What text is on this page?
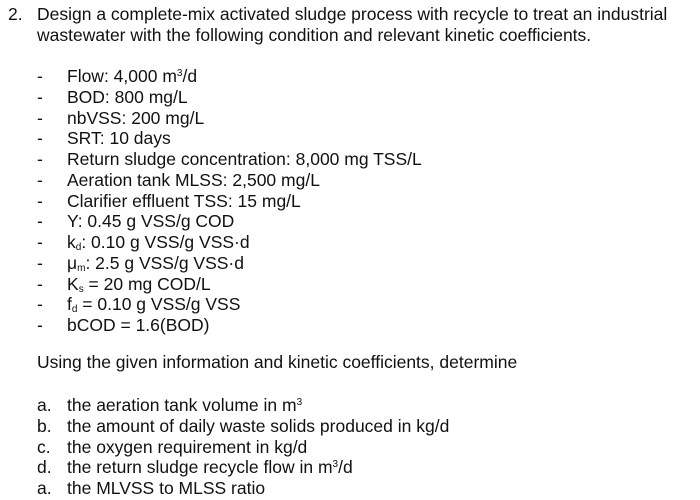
2. Design a complete-mix activated sludge process with recycle to treat an industrial wastewater with the following condition and relevant kinetic coefficients.
-	Flow: 4,000 $m^3/d$
-	BOD: 800 mg/L
-	nbVSS: 200 mg/L
-	SRT: 10 days
-	Return sludge concentration: 8,000 mg TSS/L
-	Aeration tank MLSS: 2,500 mg/L
-	Clarifier effluent TSS: 15 mg/L
-	Y: 0.45 g VSS/g COD
-	$k_d$: 0.10 g VSS/g VSS·d
-	$\mu_m$: 2.5 g VSS/g VSS·d
-	$K_s = 20$ mg COD/L
-	$f_d = 0.10$ g VSS/g VSS
-	bCOD = 1.6(BOD)
Using the given information and kinetic coefficients, determine
a. the aeration tank volume in $m^3$
b. the amount of daily waste solids produced in kg/d
c. the oxygen requirement in kg/d
d. the return sludge recycle flow in $m^3/d$
a. the MLVSS to MLSS ratio
